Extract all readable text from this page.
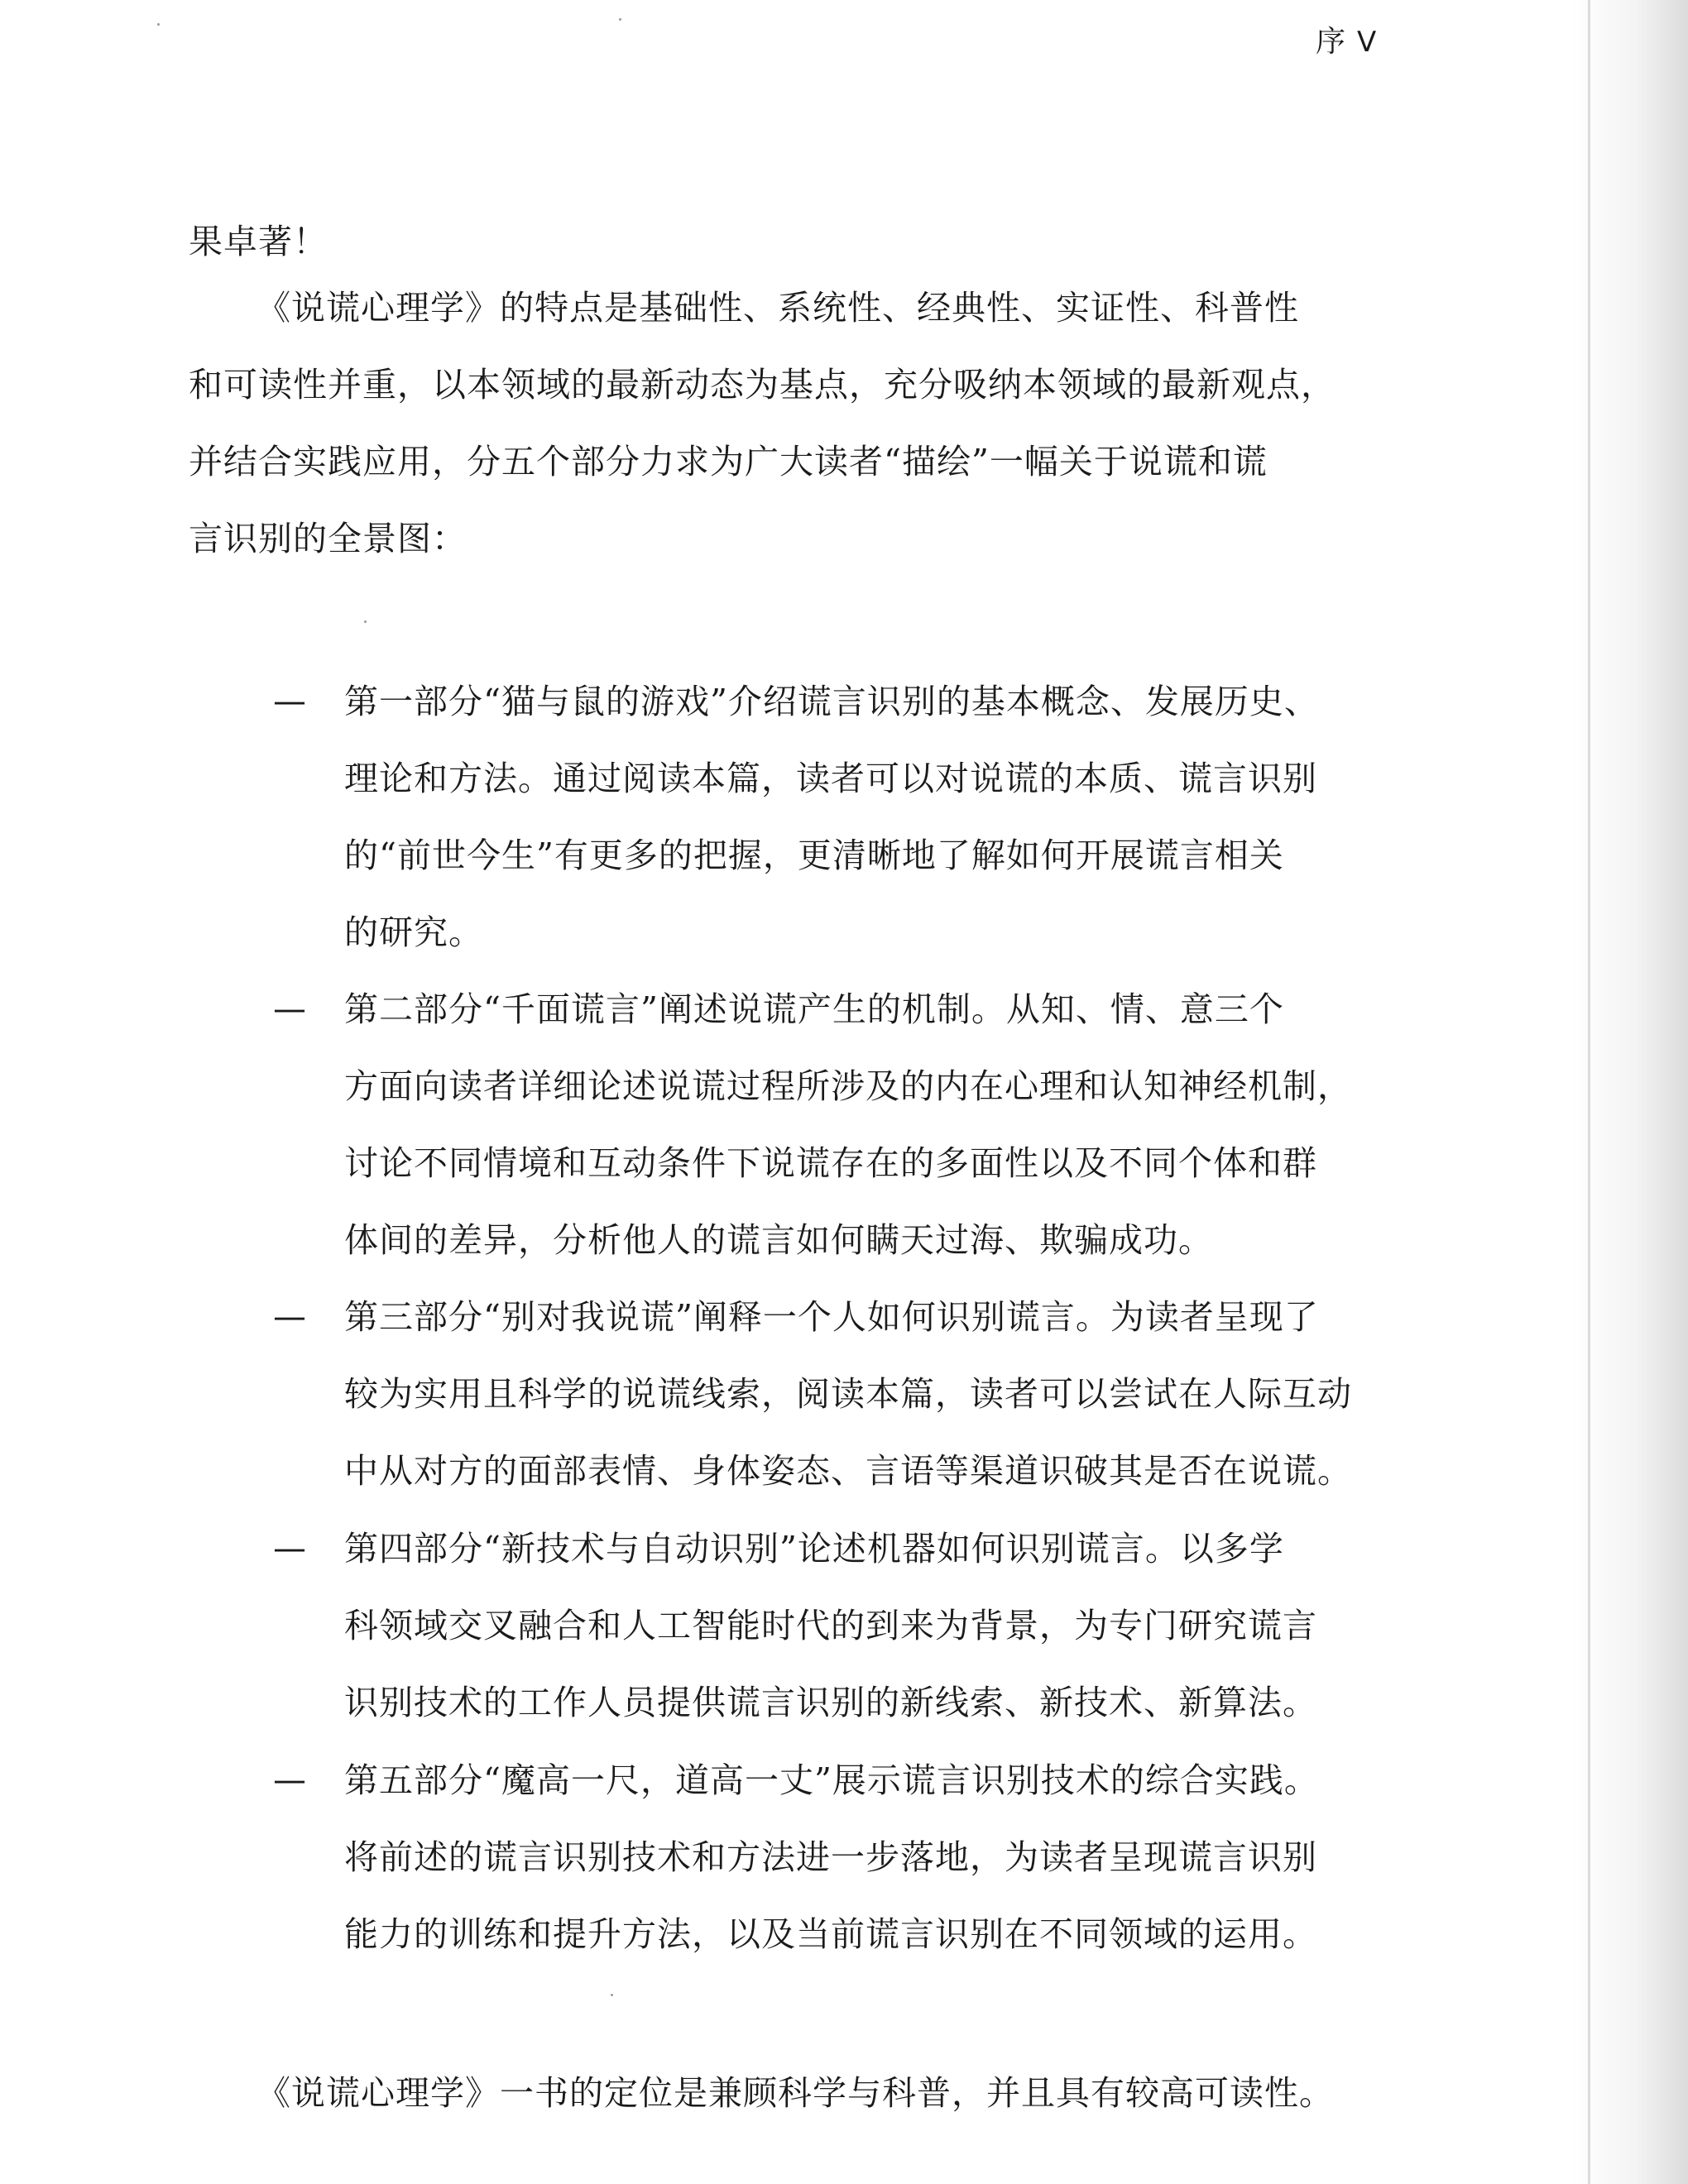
序 V
果卓著！
《说谎心理学》的特点是基础性、系统性、经典性、实证性、科普性
和可读性并重，以本领域的最新动态为基点，充分吸纳本领域的最新观点，
并结合实践应用，分五个部分力求为广大读者“描绘”一幅关于说谎和谎
言识别的全景图：
—	第一部分“猫与鼠的游戏”介绍谎言识别的基本概念、发展历史、
理论和方法。通过阅读本篇，读者可以对说谎的本质、谎言识别
的“前世今生”有更多的把握，更清晰地了解如何开展谎言相关
的研究。
—	第二部分“千面谎言”阐述说谎产生的机制。从知、情、意三个
方面向读者详细论述说谎过程所涉及的内在心理和认知神经机制，
讨论不同情境和互动条件下说谎存在的多面性以及不同个体和群
体间的差异，分析他人的谎言如何瞒天过海、欺骗成功。
—	第三部分“别对我说谎”阐释一个人如何识别谎言。为读者呈现了
较为实用且科学的说谎线索，阅读本篇，读者可以尝试在人际互动
中从对方的面部表情、身体姿态、言语等渠道识破其是否在说谎。
—	第四部分“新技术与自动识别”论述机器如何识别谎言。以多学
科领域交叉融合和人工智能时代的到来为背景，为专门研究谎言
识别技术的工作人员提供谎言识别的新线索、新技术、新算法。
—	第五部分“魔高一尺，道高一丈”展示谎言识别技术的综合实践。
将前述的谎言识别技术和方法进一步落地，为读者呈现谎言识别
能力的训练和提升方法，以及当前谎言识别在不同领域的运用。
《说谎心理学》一书的定位是兼顾科学与科普，并且具有较高可读性。
